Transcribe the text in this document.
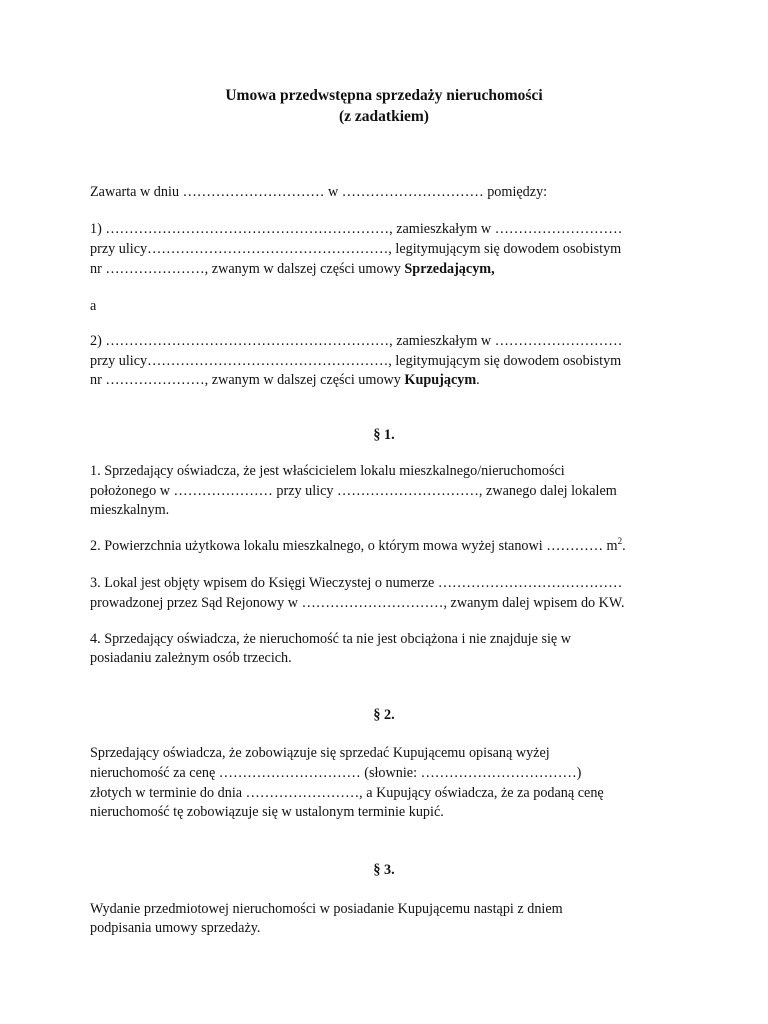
Umowa przedwstępna sprzedaży nieruchomości
(z zadatkiem)
Zawarta w dniu ………………………… w ………………………… pomiędzy:
1) ……………………………………………………, zamieszkałym w ………………………
przy ulicy……………………………………………, legitymującym się dowodem osobistym
nr …………………, zwanym w dalszej części umowy Sprzedającym,
a
2) ……………………………………………………, zamieszkałym w ………………………
przy ulicy……………………………………………, legitymującym się dowodem osobistym
nr …………………, zwanym w dalszej części umowy Kupującym.
§ 1.
1. Sprzedający oświadcza, że jest właścicielem lokalu mieszkalnego/nieruchomości
położonego w ………………… przy ulicy …………………………, zwanego dalej lokalem
mieszkalnym.
2. Powierzchnia użytkowa lokalu mieszkalnego, o którym mowa wyżej stanowi ………… $m^2$.
3. Lokal jest objęty wpisem do Księgi Wieczystej o numerze …………………………………
prowadzonej przez Sąd Rejonowy w …………………………, zwanym dalej wpisem do KW.
4. Sprzedający oświadcza, że nieruchomość ta nie jest obciążona i nie znajduje się w
posiadaniu zależnym osób trzecich.
§ 2.
Sprzedający oświadcza, że zobowiązuje się sprzedać Kupującemu opisaną wyżej
nieruchomość za cenę ………………………… (słownie: ……………………………)
złotych w terminie do dnia ……………………, a Kupujący oświadcza, że za podaną cenę
nieruchomość tę zobowiązuje się w ustalonym terminie kupić.
§ 3.
Wydanie przedmiotowej nieruchomości w posiadanie Kupującemu nastąpi z dniem
podpisania umowy sprzedaży.
